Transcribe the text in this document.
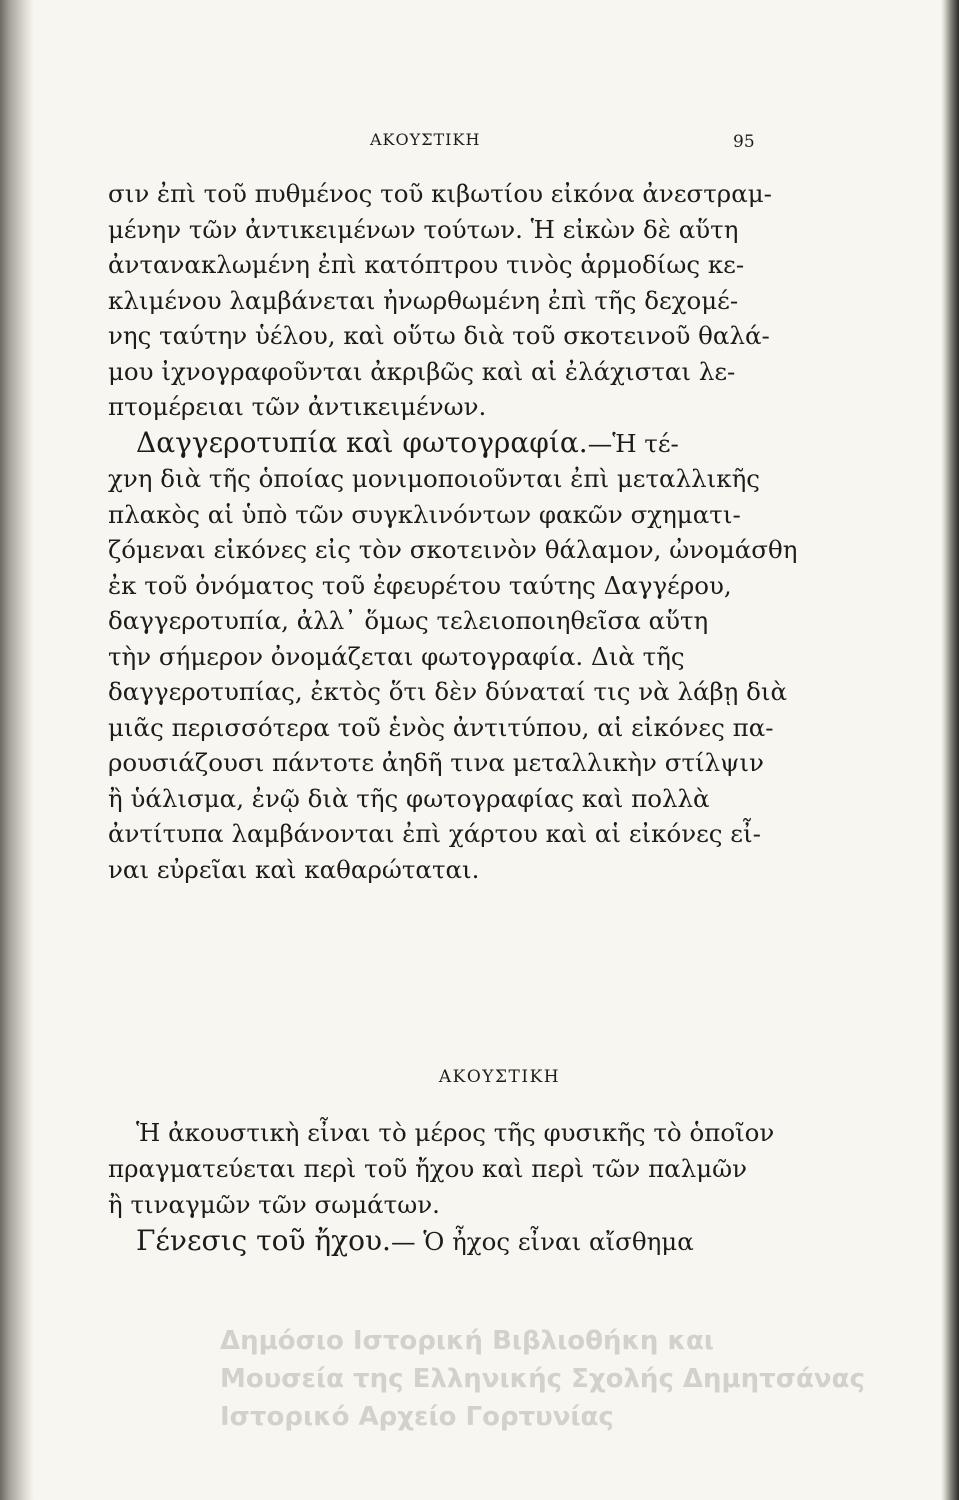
ΑΚΟΥΣΤΙΚΗ	95
σιν ἐπὶ τοῦ πυθμένος τοῦ κιβωτίου εἰκόνα ἀνεστραμ-
μένην τῶν ἀντικειμένων τούτων. Ἡ εἰκὼν δὲ αὕτη
ἀντανακλωμένη ἐπὶ κατόπτρου τινὸς ἁρμοδίως κε-
κλιμένου λαμβάνεται ἠνωρθωμένη ἐπὶ τῆς δεχομέ-
νης ταύτην ὑέλου, καὶ οὕτω διὰ τοῦ σκοτεινοῦ θαλά-
μου ἰχνογραφοῦνται ἀκριβῶς καὶ αἱ ἐλάχισται λε-
πτομέρειαι τῶν ἀντικειμένων.
Δαγγεροτυπία καὶ φωτογραφία.—Ἡ τέ-
χνη διὰ τῆς ὁποίας μονιμοποιοῦνται ἐπὶ μεταλλικῆς
πλακὸς αἱ ὑπὸ τῶν συγκλινόντων φακῶν σχηματι-
ζόμεναι εἰκόνες εἰς τὸν σκοτεινὸν θάλαμον, ὠνομάσθη
ἐκ τοῦ ὀνόματος τοῦ ἐφευρέτου ταύτης Δαγγέρου,
δαγγεροτυπία, ἀλλ᾽ ὅμως τελειοποιηθεῖσα αὕτη
τὴν σήμερον ὀνομάζεται φωτογραφία. Διὰ τῆς
δαγγεροτυπίας, ἐκτὸς ὅτι δὲν δύναταί τις νὰ λάβῃ διὰ
μιᾶς περισσότερα τοῦ ἑνὸς ἀντιτύπου, αἱ εἰκόνες πα-
ρουσιάζουσι πάντοτε ἀηδῆ τινα μεταλλικὴν στίλψιν
ἢ ὑάλισμα, ἐνῷ διὰ τῆς φωτογραφίας καὶ πολλὰ
ἀντίτυπα λαμβάνονται ἐπὶ χάρτου καὶ αἱ εἰκόνες εἶ-
ναι εὐρεῖαι καὶ καθαρώταται.
ΑΚΟΥΣΤΙΚΗ
Ἡ ἀκουστικὴ εἶναι τὸ μέρος τῆς φυσικῆς τὸ ὁποῖον
πραγματεύεται περὶ τοῦ ἤχου καὶ περὶ τῶν παλμῶν
ἢ τιναγμῶν τῶν σωμάτων.
Γένεσις τοῦ ἤχου.— Ὁ ἦχος εἶναι αἴσθημα
Δημόσιο Ιστορική Βιβλιοθήκη και
Μουσεία της Ελληνικής Σχολής Δημητσάνας
Ιστορικό Αρχείο Γορτυνίας
